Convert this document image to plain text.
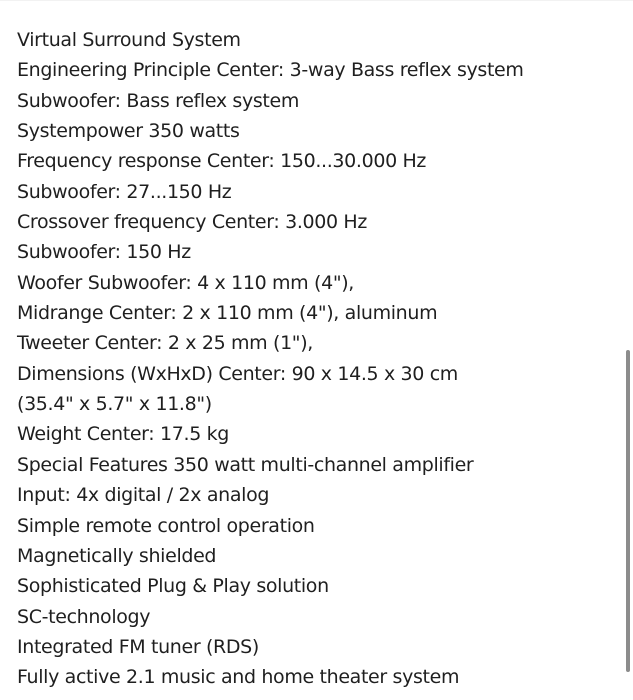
Virtual Surround System

Engineering Principle Center: 3-way Bass reflex system

Subwoofer: Bass reflex system

Systempower 350 watts

Frequency response Center: 150...30.000 Hz

Subwoofer: 27...150 Hz

Crossover frequency Center: 3.000 Hz

Subwoofer: 150 Hz

Woofer Subwoofer: 4 x 110 mm (4"),

Midrange Center: 2 x 110 mm (4"), aluminum

Tweeter Center: 2 x 25 mm (1"),

Dimensions (WxHxD) Center: 90 x 14.5 x 30 cm

(35.4" x 5.7" x 11.8")

Weight Center: 17.5 kg

Special Features 350 watt multi-channel amplifier

Input: 4x digital / 2x analog

Simple remote control operation

Magnetically shielded

Sophisticated Plug & Play solution

SC-technology

Integrated FM tuner (RDS)

Fully active 2.1 music and home theater system
